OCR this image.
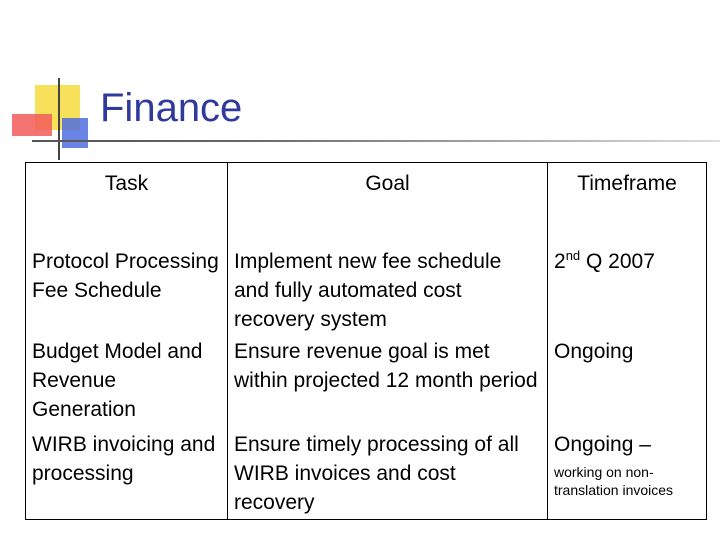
Finance
Task	Goal	Timeframe
Protocol Processing Fee Schedule	Implement new fee schedule and fully automated cost recovery system	2nd Q 2007
Budget Model and Revenue Generation	Ensure revenue goal is met within projected 12 month period	Ongoing
WIRB invoicing and processing	Ensure timely processing of all WIRB invoices and cost recovery	Ongoing –
working on non-translation invoices
